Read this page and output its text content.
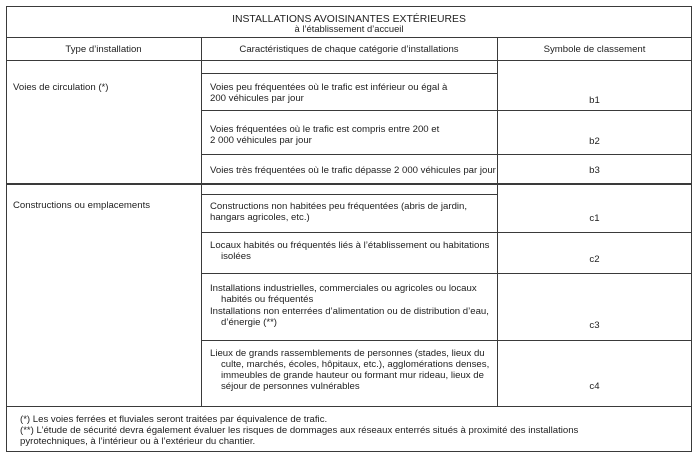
INSTALLATIONS AVOISINANTES EXTÉRIEURES
à l’établissement d’accueil
Type d’installation	Caractéristiques de chaque catégorie d’installations	Symbole de classement
Voies de circulation (*)	Voies peu fréquentées où le trafic est inférieur ou égal à
200 véhicules par jour	b1
Voies fréquentées où le trafic est compris entre 200 et
2 000 véhicules par jour	b2
Voies très fréquentées où le trafic dépasse 2 000 véhicules par jour	b3
Constructions ou emplacements	Constructions non habitées peu fréquentées (abris de jardin,
hangars agricoles, etc.)	c1
Locaux habités ou fréquentés liés à l’établissement ou habitations
isolées	c2
Installations industrielles, commerciales ou agricoles ou locaux
habités ou fréquentés
Installations non enterrées d’alimentation ou de distribution d’eau,
d’énergie (**)	c3
Lieux de grands rassemblements de personnes (stades, lieux du
culte, marchés, écoles, hôpitaux, etc.), agglomérations denses,
immeubles de grande hauteur ou formant mur rideau, lieux de
séjour de personnes vulnérables	c4
(*) Les voies ferrées et fluviales seront traitées par équivalence de trafic.
(**) L’étude de sécurité devra également évaluer les risques de dommages aux réseaux enterrés situés à proximité des installations
pyrotechniques, à l’intérieur ou à l’extérieur du chantier.
